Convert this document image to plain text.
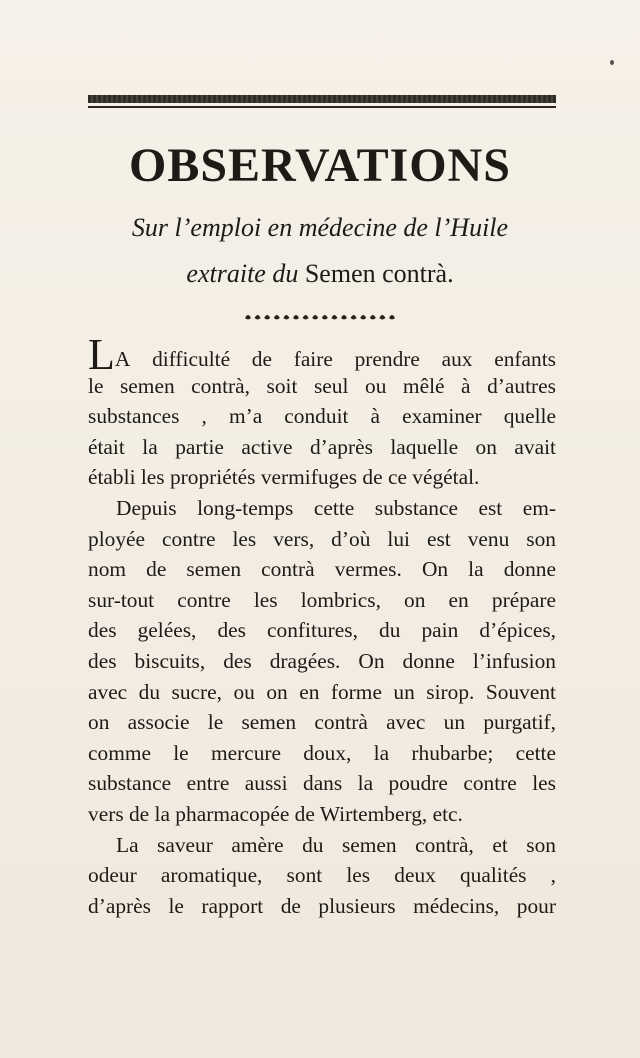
OBSERVATIONS
Sur l’emploi en médecine de l’Huile
extraite du Semen contrà.

LA difficulté de faire prendre aux enfants
le semen contrà, soit seul ou mêlé à d’autres
substances , m’a conduit à examiner quelle
était la partie active d’après laquelle on avait
établi les propriétés vermifuges de ce végétal.

Depuis long-temps cette substance est em-
ployée contre les vers, d’où lui est venu son
nom de semen contrà vermes. On la donne
sur-tout contre les lombrics, on en prépare
des gelées, des confitures, du pain d’épices,
des biscuits, des dragées. On donne l’infusion
avec du sucre, ou on en forme un sirop. Souvent
on associe le semen contrà avec un purgatif,
comme le mercure doux, la rhubarbe; cette
substance entre aussi dans la poudre contre les
vers de la pharmacopée de Wirtemberg, etc.

La saveur amère du semen contrà, et son
odeur aromatique, sont les deux qualités ,
d’après le rapport de plusieurs médecins, pour
